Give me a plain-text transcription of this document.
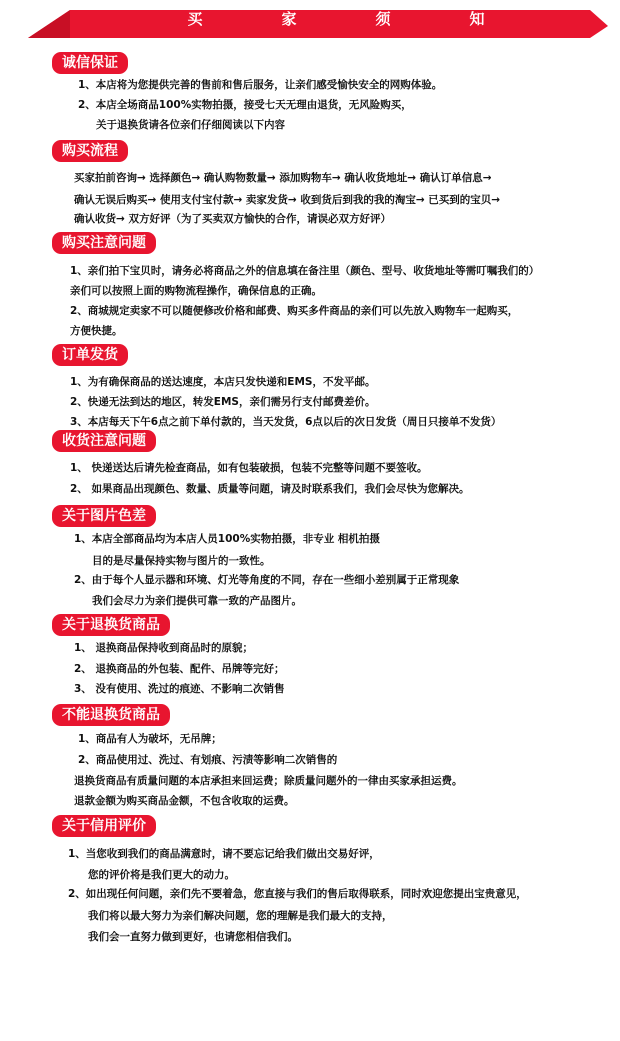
买	家	须	知
诚信保证
1、本店将为您提供完善的售前和售后服务，让亲们感受愉快安全的网购体验。
2、本店全场商品100%实物拍摄，接受七天无理由退货，无风险购买，
关于退换货请各位亲们仔细阅读以下内容
购买流程
买家拍前咨询→ 选择颜色→ 确认购物数量→ 添加购物车→ 确认收货地址→ 确认订单信息→
确认无误后购买→ 使用支付宝付款→ 卖家发货→ 收到货后到我的我的淘宝→ 已买到的宝贝→
确认收货→ 双方好评（为了买卖双方愉快的合作，请误必双方好评）
购买注意问题
1、亲们拍下宝贝时，请务必将商品之外的信息填在备注里（颜色、型号、收货地址等需叮嘱我们的）
亲们可以按照上面的购物流程操作，确保信息的正确。
2、商城规定卖家不可以随便修改价格和邮费、购买多件商品的亲们可以先放入购物车一起购买，
方便快捷。
订单发货
1、为有确保商品的送达速度，本店只发快递和EMS，不发平邮。
2、快递无法到达的地区，转发EMS，亲们需另行支付邮费差价。
3、本店每天下午6点之前下单付款的，当天发货，6点以后的次日发货（周日只接单不发货）
收货注意问题
1、 快递送达后请先检查商品，如有包装破损，包装不完整等问题不要签收。
2、 如果商品出现颜色、数量、质量等问题，请及时联系我们，我们会尽快为您解决。
关于图片色差
1、本店全部商品均为本店人员100%实物拍摄，非专业 相机拍摄
目的是尽量保持实物与图片的一致性。
2、由于每个人显示器和环境、灯光等角度的不同，存在一些细小差别属于正常现象
我们会尽力为亲们提供可靠一致的产品图片。
关于退换货商品
1、 退换商品保持收到商品时的原貌；
2、 退换商品的外包装、配件、吊牌等完好；
3、 没有使用、洗过的痕迹、不影响二次销售
不能退换货商品
1、商品有人为破坏，无吊牌；
2、商品使用过、洗过、有划痕、污渍等影响二次销售的
退换货商品有质量问题的本店承担来回运费；除质量问题外的一律由买家承担运费。
退款金额为购买商品金额，不包含收取的运费。
关于信用评价
1、当您收到我们的商品满意时，请不要忘记给我们做出交易好评，
您的评价将是我们更大的动力。
2、如出现任何问题，亲们先不要着急，您直接与我们的售后取得联系，同时欢迎您提出宝贵意见，
我们将以最大努力为亲们解决问题，您的理解是我们最大的支持，
我们会一直努力做到更好，也请您相信我们。
